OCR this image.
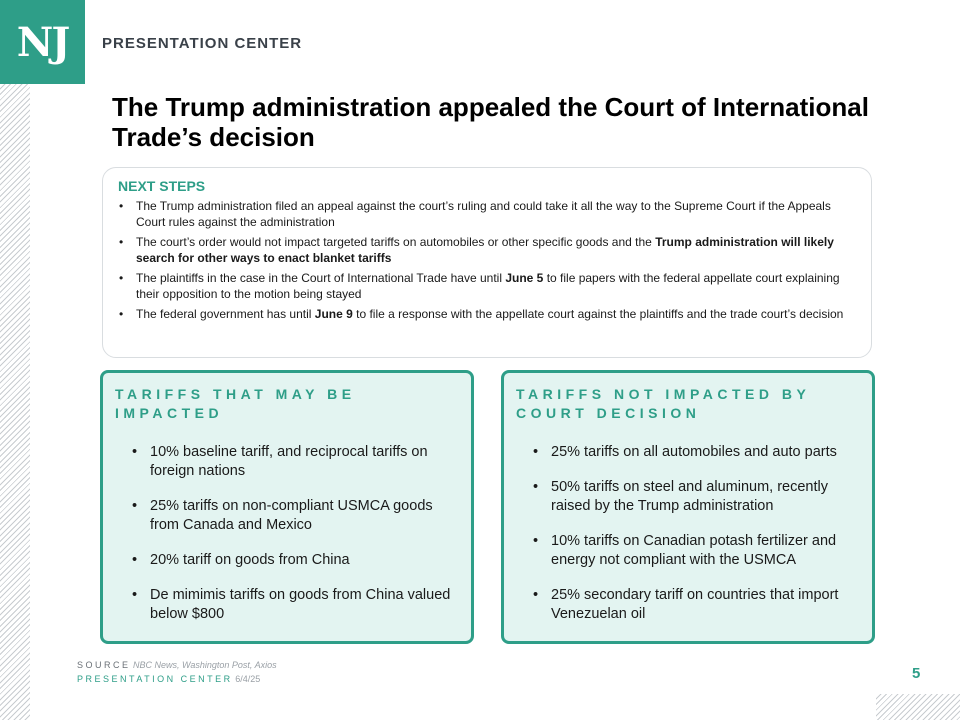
NJ	PRESENTATION CENTER
The Trump administration appealed the Court of International Trade’s decision
NEXT STEPS
• The Trump administration filed an appeal against the court’s ruling and could take it all the way to the Supreme Court if the Appeals Court rules against the administration
• The court’s order would not impact targeted tariffs on automobiles or other specific goods and the Trump administration will likely search for other ways to enact blanket tariffs
• The plaintiffs in the case in the Court of International Trade have until June 5 to file papers with the federal appellate court explaining their opposition to the motion being stayed
• The federal government has until June 9 to file a response with the appellate court against the plaintiffs and the trade court’s decision
TARIFFS THAT MAY BE IMPACTED
• 10% baseline tariff, and reciprocal tariffs on foreign nations
• 25% tariffs on non-compliant USMCA goods from Canada and Mexico
• 20% tariff on goods from China
• De mimimis tariffs on goods from China valued below $800
TARIFFS NOT IMPACTED BY COURT DECISION
• 25% tariffs on all automobiles and auto parts
• 50% tariffs on steel and aluminum, recently raised by the Trump administration
• 10% tariffs on Canadian potash fertilizer and energy not compliant with the USMCA
• 25% secondary tariff on countries that import Venezuelan oil
SOURCE NBC News, Washington Post, Axios
PRESENTATION CENTER 6/4/25	5
